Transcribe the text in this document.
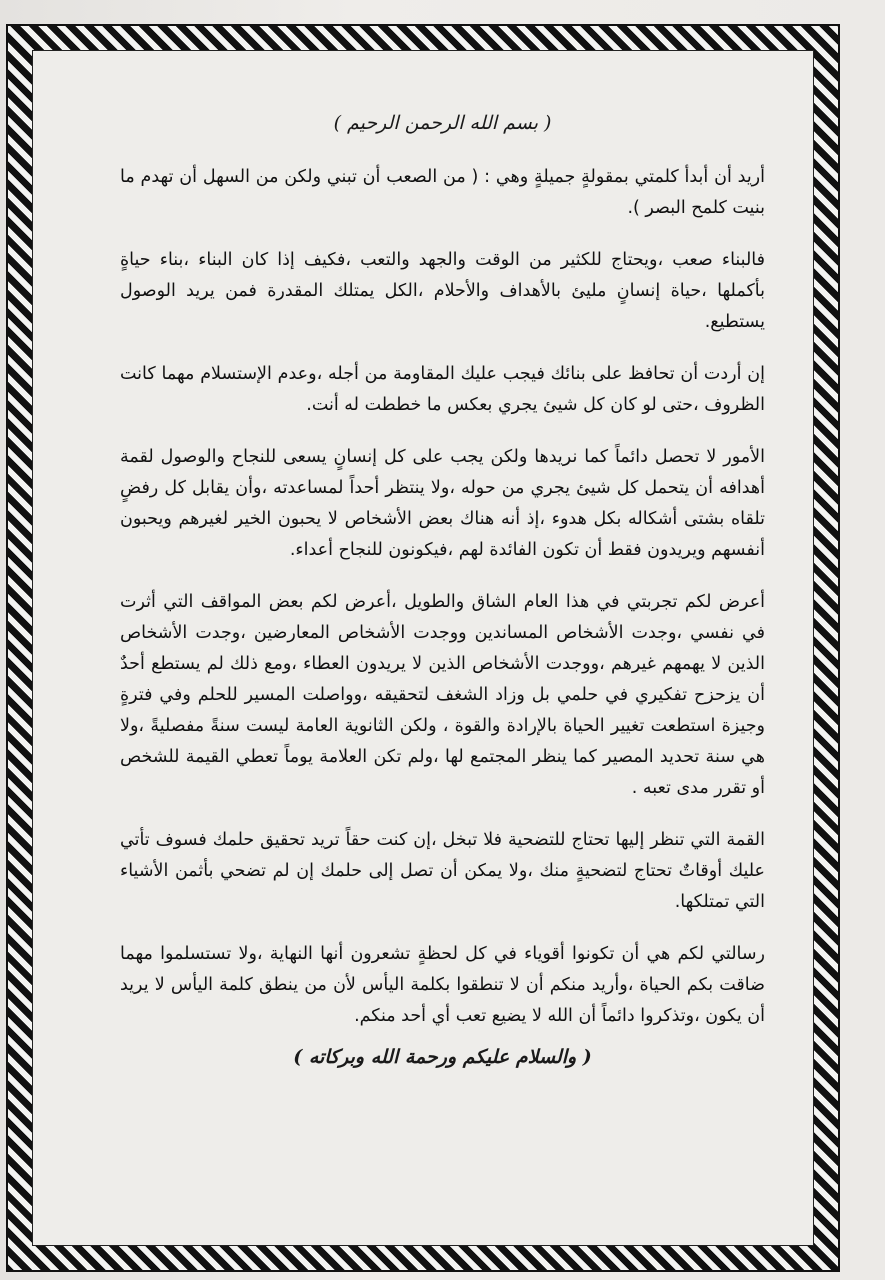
( بسم الله الرحمن الرحيم )

أريد أن أبدأ كلمتي بمقولةٍ جميلةٍ وهي : ( من الصعب أن تبني ولكن من السهل أن تهدم ما بنيت كلمح البصر ).

فالبناء صعب ،ويحتاج للكثير من الوقت والجهد والتعب ،فكيف إذا كان البناء ،بناء حياةٍ بأكملها ،حياة إنسانٍ مليئ بالأهداف والأحلام ،الكل يمتلك المقدرة فمن يريد الوصول يستطيع.

إن أردت أن تحافظ على بنائك فيجب عليك المقاومة من أجله ،وعدم الإستسلام مهما كانت الظروف ،حتى لو كان كل شيئ يجري بعكس ما خططت له أنت.

الأمور لا تحصل دائماً كما نريدها ولكن يجب على كل إنسانٍ يسعى للنجاح والوصول لقمة أهدافه أن يتحمل كل شيئ يجري من حوله ،ولا ينتظر أحداً لمساعدته ،وأن يقابل كل رفضٍ تلقاه بشتى أشكاله بكل هدوء ،إذ أنه هناك بعض الأشخاص لا يحبون الخير لغيرهم ويحبون أنفسهم ويريدون فقط أن تكون الفائدة لهم ،فيكونون للنجاح أعداء.

أعرض لكم تجربتي في هذا العام الشاق والطويل ،أعرض لكم بعض المواقف التي أثرت في نفسي ،وجدت الأشخاص المساندين ووجدت الأشخاص المعارضين ،وجدت الأشخاص الذين لا يهمهم غيرهم ،ووجدت الأشخاص الذين لا يريدون العطاء ،ومع ذلك لم يستطع أحدٌ أن يزحزح تفكيري في حلمي بل وزاد الشغف لتحقيقه ،وواصلت المسير للحلم وفي فترةٍ وجيزة استطعت تغيير الحياة بالإرادة والقوة ، ولكن الثانوية العامة ليست سنةً مفصليةً ،ولا هي سنة تحديد المصير كما ينظر المجتمع لها ،ولم تكن العلامة يوماً تعطي القيمة للشخص أو تقرر مدى تعبه .

القمة التي تنظر إليها تحتاج للتضحية فلا تبخل ،إن كنت حقاً تريد تحقيق حلمك فسوف تأتي عليك أوقاتٌ تحتاج لتضحيةٍ منك ،ولا يمكن أن تصل إلى حلمك إن لم تضحي بأثمن الأشياء التي تمتلكها.

رسالتي لكم هي أن تكونوا أقوياء في كل لحظةٍ تشعرون أنها النهاية ،ولا تستسلموا مهما ضاقت بكم الحياة ،وأريد منكم أن لا تنطقوا بكلمة اليأس لأن من ينطق كلمة اليأس لا يريد أن يكون ،وتذكروا دائماً أن الله لا يضيع تعب أي أحد منكم.

( والسلام عليكم ورحمة الله وبركاته )
